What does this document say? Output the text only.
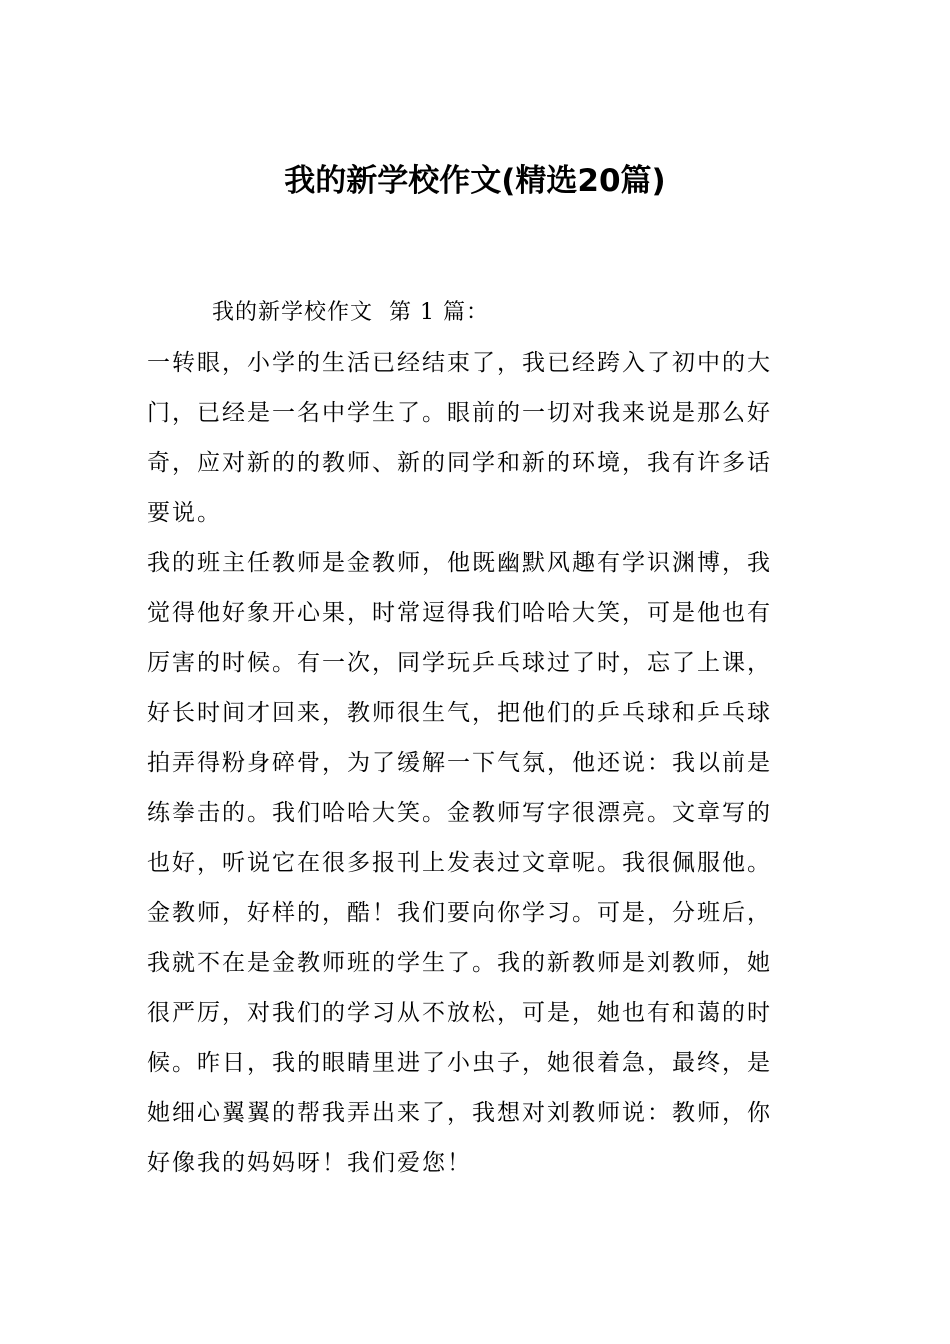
我的新学校作文(精选20篇)

我的新学校作文  第 1 篇：

一转眼，小学的生活已经结束了，我已经跨入了初中的大

门，已经是一名中学生了。眼前的一切对我来说是那么好

奇，应对新的的教师、新的同学和新的环境，我有许多话

要说。

我的班主任教师是金教师，他既幽默风趣有学识渊博，我

觉得他好象开心果，时常逗得我们哈哈大笑，可是他也有

厉害的时候。有一次，同学玩乒乓球过了时，忘了上课，

好长时间才回来，教师很生气，把他们的乒乓球和乒乓球

拍弄得粉身碎骨，为了缓解一下气氛，他还说：我以前是

练拳击的。我们哈哈大笑。金教师写字很漂亮。文章写的

也好，听说它在很多报刊上发表过文章呢。我很佩服他。

金教师，好样的，酷！我们要向你学习。可是，分班后，

我就不在是金教师班的学生了。我的新教师是刘教师，她

很严厉，对我们的学习从不放松，可是，她也有和蔼的时

候。昨日，我的眼睛里进了小虫子，她很着急，最终，是

她细心翼翼的帮我弄出来了，我想对刘教师说：教师，你

好像我的妈妈呀！我们爱您！
